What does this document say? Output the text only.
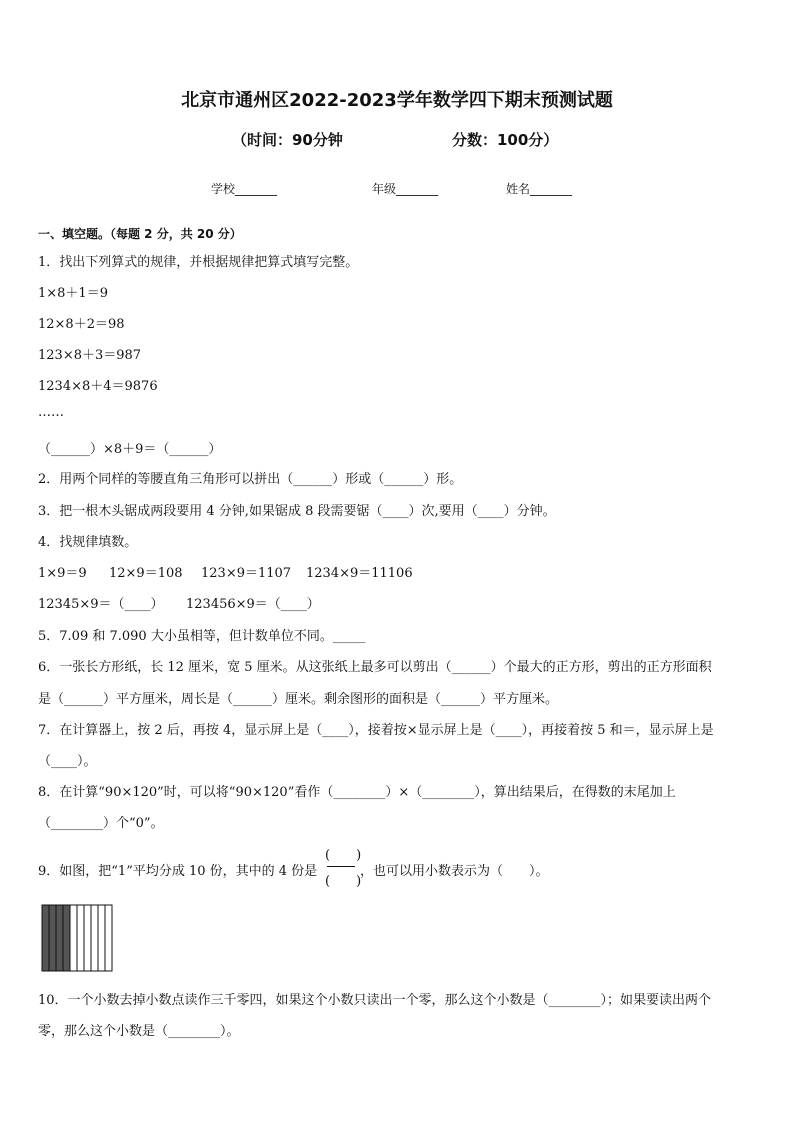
北京市通州区2022-2023学年数学四下期末预测试题
（时间：90分钟	分数：100分）
学校_______	年级_______	姓名_______
一、填空题。（每题 2 分，共 20 分）
1．找出下列算式的规律，并根据规律把算式填写完整。
1×8＋1＝9
12×8＋2＝98
123×8＋3＝987
1234×8＋4＝9876
……
（______）×8＋9＝（______）
2．用两个同样的等腰直角三角形可以拼出（______）形或（______）形。
3．把一根木头锯成两段要用 4 分钟,如果锯成 8 段需要锯（____）次,要用（____）分钟。
4．找规律填数。
1×9＝9 12×9＝108 123×9＝1107 1234×9＝11106
12345×9＝（____） 123456×9＝（____）
5．7.09 和 7.090 大小虽相等，但计数单位不同。_____
6．一张长方形纸，长 12 厘米，宽 5 厘米。从这张纸上最多可以剪出（______）个最大的正方形，剪出的正方形面积
是（______）平方厘米，周长是（______）厘米。剩余图形的面积是（______）平方厘米。
7．在计算器上，按 2 后，再按 4，显示屏上是（____），接着按×显示屏上是（____），再接着按 5 和＝，显示屏上是
（____）。
8．在计算“90×120”时，可以将“90×120”看作（________）×（________），算出结果后，在得数的末尾加上
（________）个“0”。
9．如图，把“1”平均分成 10 份，其中的 4 份是
(　　)
(　　)
，也可以用小数表示为（　　）。
10．一个小数去掉小数点读作三千零四，如果这个小数只读出一个零，那么这个小数是（________）；如果要读出两个
零，那么这个小数是（________）。
